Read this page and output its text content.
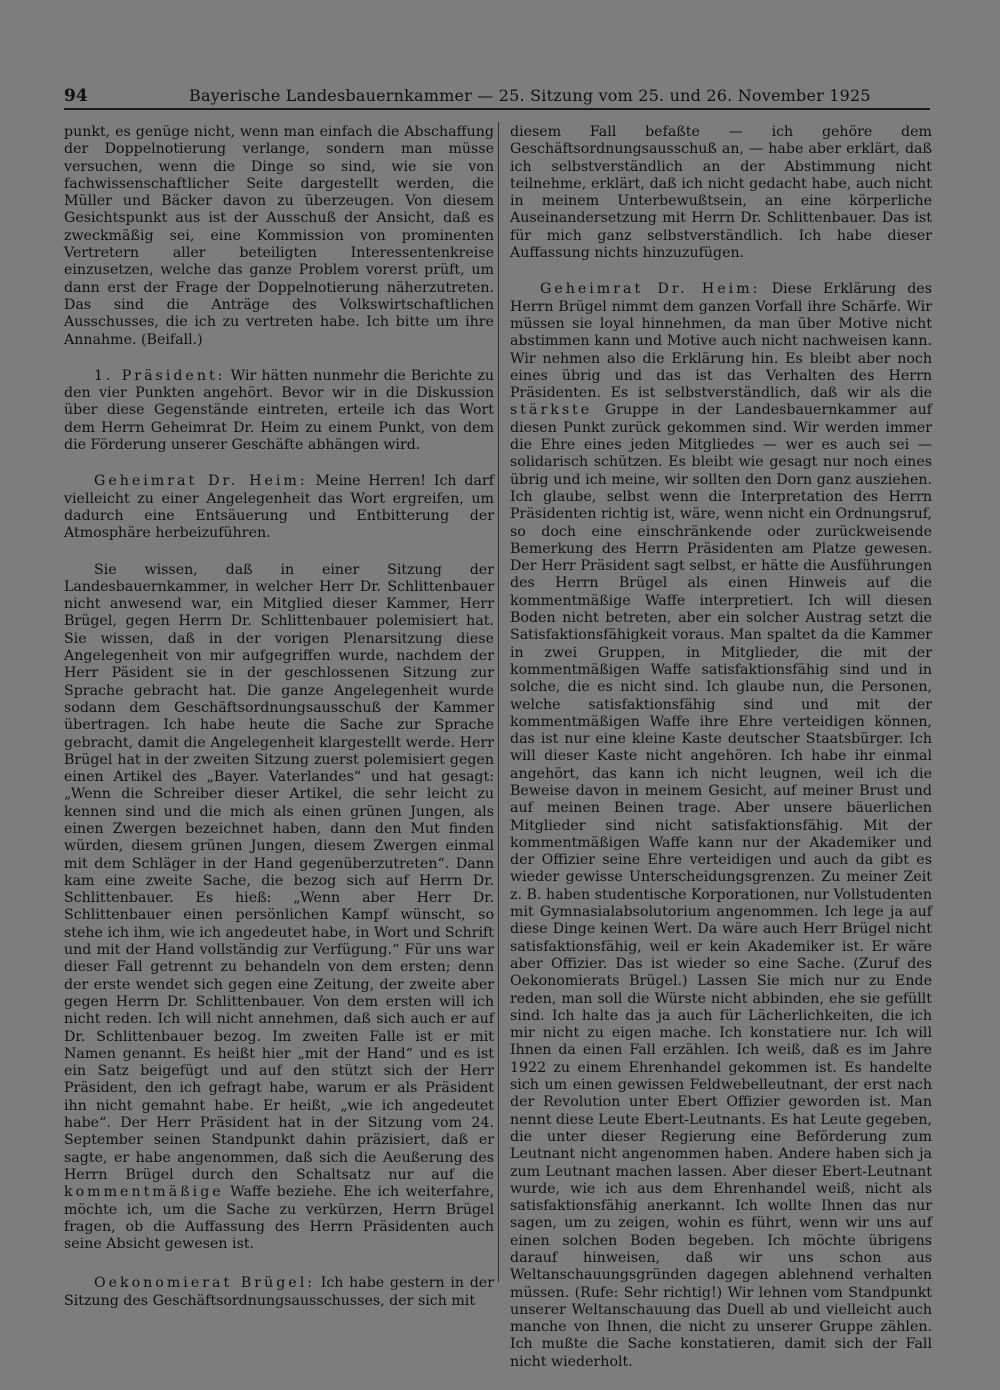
94	Bayerische Landesbauernkammer — 25. Sitzung vom 25. und 26. November 1925

punkt, es genüge nicht, wenn man einfach die Abschaffung der Doppelnotierung verlange, sondern man müsse versuchen, wenn die Dinge so sind, wie sie von fachwissenschaftlicher Seite dargestellt werden, die Müller und Bäcker davon zu überzeugen. Von diesem Gesichtspunkt aus ist der Ausschuß der Ansicht, daß es zweckmäßig sei, eine Kommission von prominenten Vertretern aller beteiligten Interessentenkreise einzusetzen, welche das ganze Problem vorerst prüft, um dann erst der Frage der Doppelnotierung näherzutreten. Das sind die Anträge des Volkswirtschaftlichen Ausschusses, die ich zu vertreten habe. Ich bitte um ihre Annahme. (Beifall.)

1. Präsident: Wir hätten nunmehr die Berichte zu den vier Punkten angehört. Bevor wir in die Diskussion über diese Gegenstände eintreten, erteile ich das Wort dem Herrn Geheimrat Dr. Heim zu einem Punkt, von dem die Förderung unserer Geschäfte abhängen wird.

Geheimrat Dr. Heim: Meine Herren! Ich darf vielleicht zu einer Angelegenheit das Wort ergreifen, um dadurch eine Entsäuerung und Entbitterung der Atmosphäre herbeizuführen.

Sie wissen, daß in einer Sitzung der Landesbauernkammer, in welcher Herr Dr. Schlittenbauer nicht anwesend war, ein Mitglied dieser Kammer, Herr Brügel, gegen Herrn Dr. Schlittenbauer polemisiert hat. Sie wissen, daß in der vorigen Plenarsitzung diese Angelegenheit von mir aufgegriffen wurde, nachdem der Herr Päsident sie in der geschlossenen Sitzung zur Sprache gebracht hat. Die ganze Angelegenheit wurde sodann dem Geschäftsordnungsausschuß der Kammer übertragen. Ich habe heute die Sache zur Sprache gebracht, damit die Angelegenheit klargestellt werde. Herr Brügel hat in der zweiten Sitzung zuerst polemisiert gegen einen Artikel des „Bayer. Vaterlandes“ und hat gesagt: „Wenn die Schreiber dieser Artikel, die sehr leicht zu kennen sind und die mich als einen grünen Jungen, als einen Zwergen bezeichnet haben, dann den Mut finden würden, diesem grünen Jungen, diesem Zwergen einmal mit dem Schläger in der Hand gegenüberzutreten“. Dann kam eine zweite Sache, die bezog sich auf Herrn Dr. Schlittenbauer. Es hieß: „Wenn aber Herr Dr. Schlittenbauer einen persönlichen Kampf wünscht, so stehe ich ihm, wie ich angedeutet habe, in Wort und Schrift und mit der Hand vollständig zur Verfügung.“ Für uns war dieser Fall getrennt zu behandeln von dem ersten; denn der erste wendet sich gegen eine Zeitung, der zweite aber gegen Herrn Dr. Schlittenbauer. Von dem ersten will ich nicht reden. Ich will nicht annehmen, daß sich auch er auf Dr. Schlittenbauer bezog. Im zweiten Falle ist er mit Namen genannt. Es heißt hier „mit der Hand“ und es ist ein Satz beigefügt und auf den stützt sich der Herr Präsident, den ich gefragt habe, warum er als Präsident ihn nicht gemahnt habe. Er heißt, „wie ich angedeutet habe“. Der Herr Präsident hat in der Sitzung vom 24. September seinen Standpunkt dahin präzisiert, daß er sagte, er habe angenommen, daß sich die Aeußerung des Herrn Brügel durch den Schaltsatz nur auf die kommentmäßige Waffe beziehe. Ehe ich weiterfahre, möchte ich, um die Sache zu verkürzen, Herrn Brügel fragen, ob die Auffassung des Herrn Präsidenten auch seine Absicht gewesen ist.

Oekonomierat Brügel: Ich habe gestern in der Sitzung des Geschäftsordnungsausschusses, der sich mit

diesem Fall befaßte — ich gehöre dem Geschäftsordnungsausschuß an, — habe aber erklärt, daß ich selbstverständlich an der Abstimmung nicht teilnehme, erklärt, daß ich nicht gedacht habe, auch nicht in meinem Unterbewußtsein, an eine körperliche Auseinandersetzung mit Herrn Dr. Schlittenbauer. Das ist für mich ganz selbstverständlich. Ich habe dieser Auffassung nichts hinzuzufügen.

Geheimrat Dr. Heim: Diese Erklärung des Herrn Brügel nimmt dem ganzen Vorfall ihre Schärfe. Wir müssen sie loyal hinnehmen, da man über Motive nicht abstimmen kann und Motive auch nicht nachweisen kann. Wir nehmen also die Erklärung hin. Es bleibt aber noch eines übrig und das ist das Verhalten des Herrn Präsidenten. Es ist selbstverständlich, daß wir als die stärkste Gruppe in der Landesbauernkammer auf diesen Punkt zurück gekommen sind. Wir werden immer die Ehre eines jeden Mitgliedes — wer es auch sei — solidarisch schützen. Es bleibt wie gesagt nur noch eines übrig und ich meine, wir sollten den Dorn ganz ausziehen. Ich glaube, selbst wenn die Interpretation des Herrn Präsidenten richtig ist, wäre, wenn nicht ein Ordnungsruf, so doch eine einschränkende oder zurückweisende Bemerkung des Herrn Präsidenten am Platze gewesen. Der Herr Präsident sagt selbst, er hätte die Ausführungen des Herrn Brügel als einen Hinweis auf die kommentmäßige Waffe interpretiert. Ich will diesen Boden nicht betreten, aber ein solcher Austrag setzt die Satisfaktionsfähigkeit voraus. Man spaltet da die Kammer in zwei Gruppen, in Mitglieder, die mit der kommentmäßigen Waffe satisfaktionsfähig sind und in solche, die es nicht sind. Ich glaube nun, die Personen, welche satisfaktionsfähig sind und mit der kommentmäßigen Waffe ihre Ehre verteidigen können, das ist nur eine kleine Kaste deutscher Staatsbürger. Ich will dieser Kaste nicht angehören. Ich habe ihr einmal angehört, das kann ich nicht leugnen, weil ich die Beweise davon in meinem Gesicht, auf meiner Brust und auf meinen Beinen trage. Aber unsere bäuerlichen Mitglieder sind nicht satisfaktionsfähig. Mit der kommentmäßigen Waffe kann nur der Akademiker und der Offizier seine Ehre verteidigen und auch da gibt es wieder gewisse Unterscheidungsgrenzen. Zu meiner Zeit z. B. haben studentische Korporationen, nur Vollstudenten mit Gymnasialabsolutorium angenommen. Ich lege ja auf diese Dinge keinen Wert. Da wäre auch Herr Brügel nicht satisfaktionsfähig, weil er kein Akademiker ist. Er wäre aber Offizier. Das ist wieder so eine Sache. (Zuruf des Oekonomierats Brügel.) Lassen Sie mich nur zu Ende reden, man soll die Würste nicht abbinden, ehe sie gefüllt sind. Ich halte das ja auch für Lächerlichkeiten, die ich mir nicht zu eigen mache. Ich konstatiere nur. Ich will Ihnen da einen Fall erzählen. Ich weiß, daß es im Jahre 1922 zu einem Ehrenhandel gekommen ist. Es handelte sich um einen gewissen Feldwebelleutnant, der erst nach der Revolution unter Ebert Offizier geworden ist. Man nennt diese Leute Ebert-Leutnants. Es hat Leute gegeben, die unter dieser Regierung eine Beförderung zum Leutnant nicht angenommen haben. Andere haben sich ja zum Leutnant machen lassen. Aber dieser Ebert-Leutnant wurde, wie ich aus dem Ehrenhandel weiß, nicht als satisfaktionsfähig anerkannt. Ich wollte Ihnen das nur sagen, um zu zeigen, wohin es führt, wenn wir uns auf einen solchen Boden begeben. Ich möchte übrigens darauf hinweisen, daß wir uns schon aus Weltanschauungsgründen dagegen ablehnend verhalten müssen. (Rufe: Sehr richtig!) Wir lehnen vom Standpunkt unserer Weltanschauung das Duell ab und vielleicht auch manche von Ihnen, die nicht zu unserer Gruppe zählen. Ich mußte die Sache konstatieren, damit sich der Fall nicht wiederholt.
